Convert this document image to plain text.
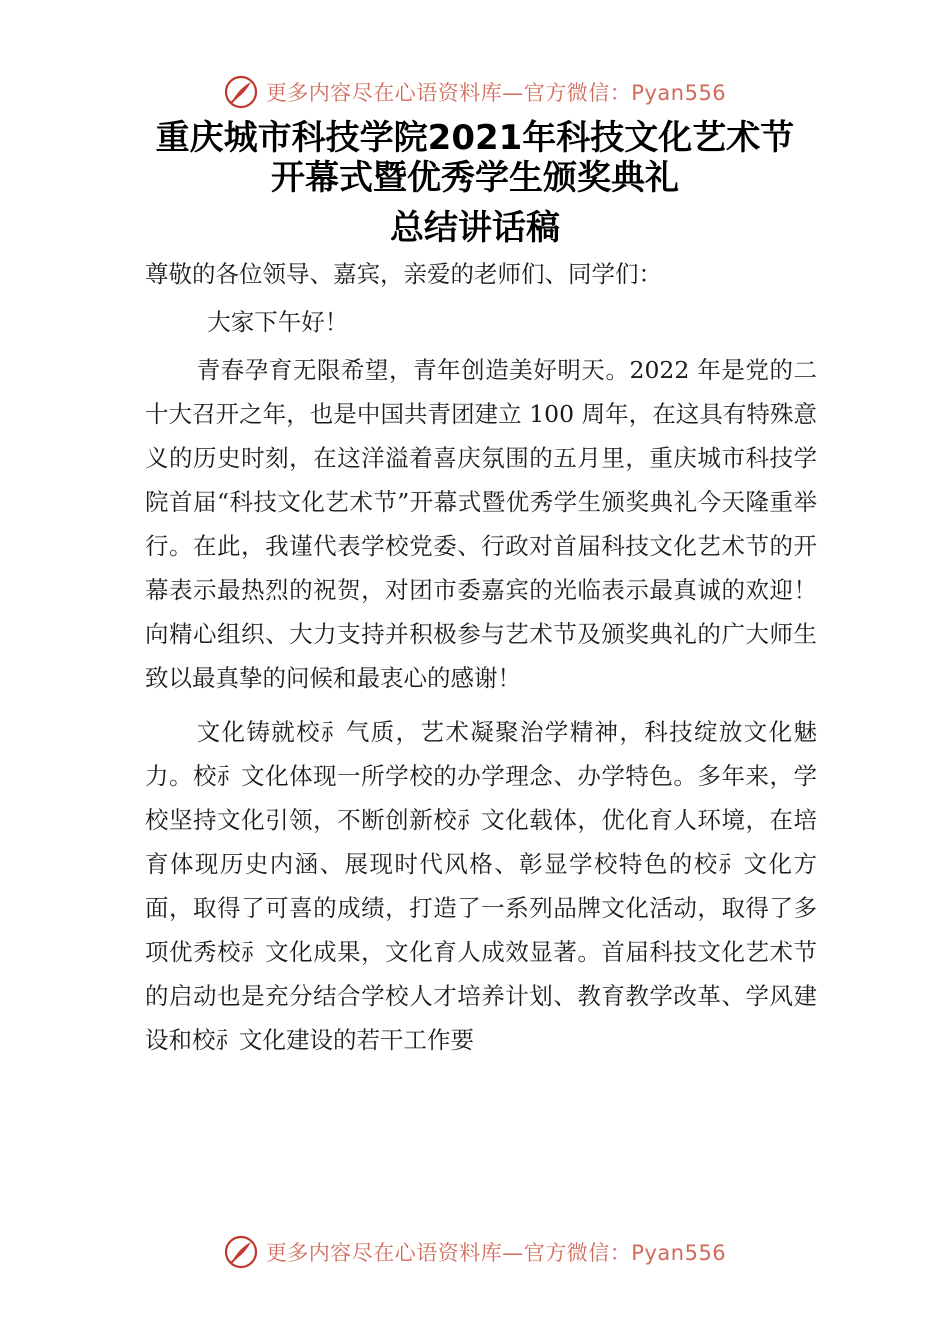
更多内容尽在心语资料库—官方微信：Pyan556
重庆城市科技学院2021年科技文化艺术节
开幕式暨优秀学生颁奖典礼
总结讲话稿

尊敬的各位领导、嘉宾，亲爱的老师们、同学们：

大家下午好！

青春孕育无限希望，青年创造美好明天。2022 年是党的二十大召开之年，也是中国共青团建立 100 周年，在这具有特殊意义的历史时刻，在这洋溢着喜庆氛围的五月里，重庆城市科技学院首届“科技文化艺术节”开幕式暨优秀学生颁奖典礼今天隆重举行。在此，我谨代表学校党委、行政对首届科技文化艺术节的开幕表示最热烈的祝贺，对团市委嘉宾的光临表示最真诚的欢迎！向精心组织、大力支持并积极参与艺术节及颁奖典礼的广大师生致以最真挚的问候和最衷心的感谢！

文化铸就校⺬气质，艺术凝聚治学精神，科技绽放文化魅力。校⺬文化体现一所学校的办学理念、办学特色。多年来，学校坚持文化引领，不断创新校⺬文化载体，优化育人环境，在培育体现历史内涵、展现时代风格、彰显学校特色的校⺬文化方面，取得了可喜的成绩，打造了一系列品牌文化活动，取得了多项优秀校⺬文化成果，文化育人成效显著。首届科技文化艺术节的启动也是充分结合学校人才培养计划、教育教学改革、学风建设和校⺬文化建设的若干工作要

更多内容尽在心语资料库—官方微信：Pyan556
